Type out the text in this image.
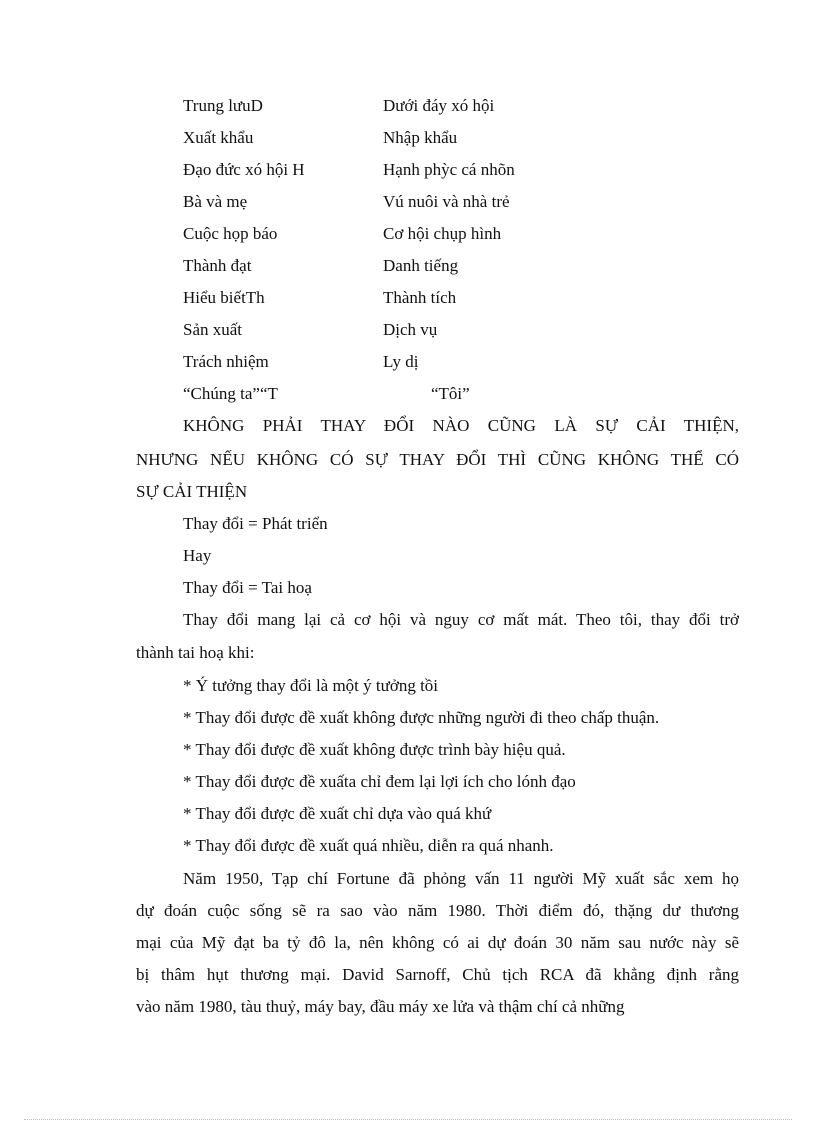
Trung lưuD	Dưới đáy xó hội
Xuất khẩu	Nhập khẩu
Đạo đức xó hội H	Hạnh phỳc cá nhõn
Bà và mẹ	Vú nuôi và nhà trẻ
Cuộc họp báo	Cơ hội chụp hình
Thành đạt	Danh tiếng
Hiểu biếtTh	Thành tích
Sản xuất	Dịch vụ
Trách nhiệm	Ly dị
“Chúng ta”“T	“Tôi”
KHÔNG PHẢI THAY ĐỔI NÀO CŨNG LÀ SỰ CẢI THIỆN,
NHƯNG NẾU KHÔNG CÓ SỰ THAY ĐỔI THÌ CŨNG KHÔNG THỂ CÓ
SỰ CẢI THIỆN
Thay đổi = Phát triển
Hay
Thay đổi = Tai hoạ
Thay đổi mang lại cả cơ hội và nguy cơ mất mát. Theo tôi, thay đổi trở
thành tai hoạ khi:
* Ý tưởng thay đổi là một ý tưởng tồi
* Thay đổi được đề xuất không được những người đi theo chấp thuận.
* Thay đổi được đề xuất không được trình bày hiệu quả.
* Thay đổi được đề xuấta chỉ đem lại lợi ích cho lónh đạo
* Thay đổi được đề xuất chỉ dựa vào quá khứ
* Thay đổi được đề xuất quá nhiều, diễn ra quá nhanh.
Năm 1950, Tạp chí Fortune đã phỏng vấn 11 người Mỹ xuất sắc xem họ
dự đoán cuộc sống sẽ ra sao vào năm 1980. Thời điểm đó, thặng dư thương
mại của Mỹ đạt ba tỷ đô la, nên không có ai dự đoán 30 năm sau nước này sẽ
bị thâm hụt thương mại. David Sarnoff, Chủ tịch RCA đã khẳng định rằng
vào năm 1980, tàu thuỷ, máy bay, đầu máy xe lửa và thậm chí cả những
